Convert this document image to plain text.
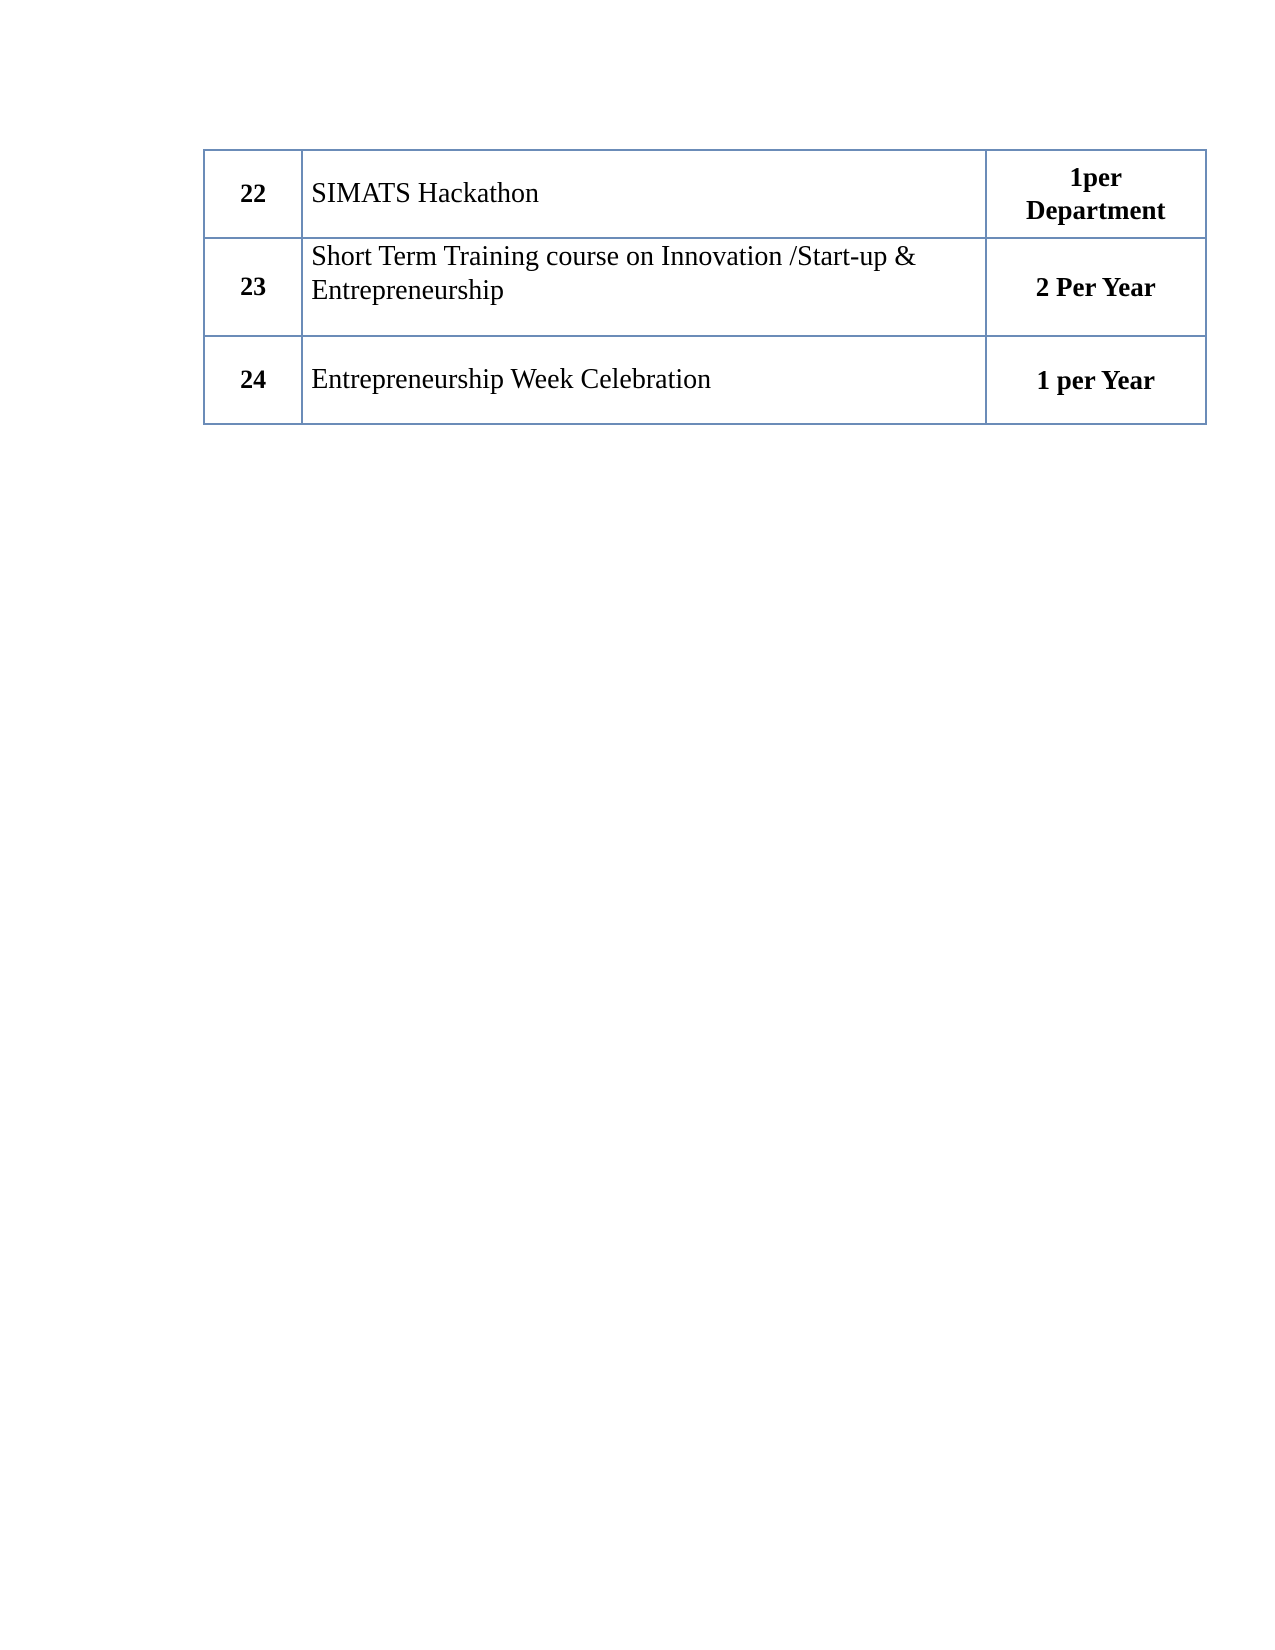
22	SIMATS Hackathon	1per
Department

23	Short Term Training course on Innovation /Start-up &
Entrepreneurship	2 Per Year
24	Entrepreneurship Week Celebration	1 per Year
